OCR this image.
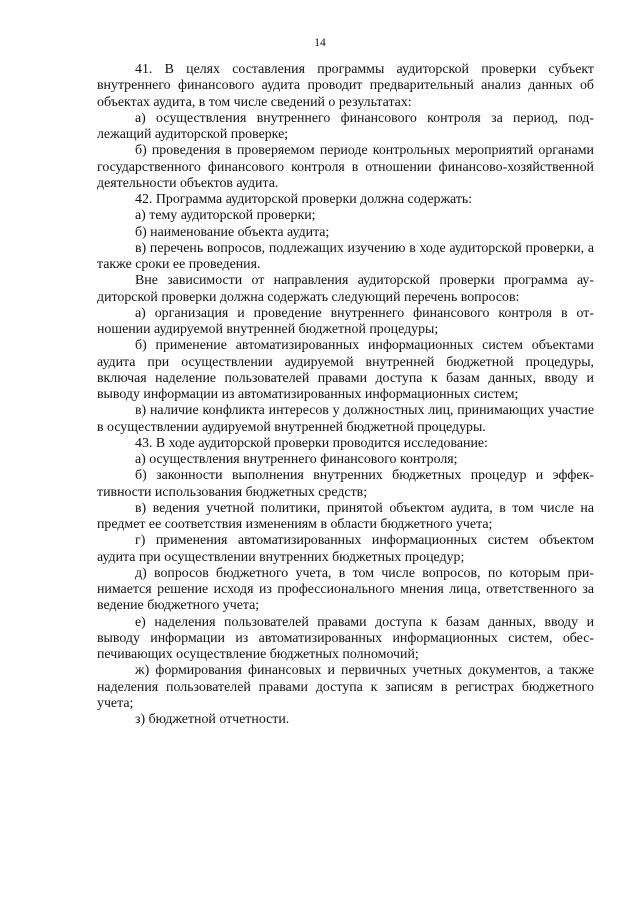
14

41. В целях составления программы аудиторской проверки субъект внутреннего финансового аудита проводит предварительный анализ данных об объектах аудита, в том числе сведений о результатах:

а) осуществления внутреннего финансового контроля за период, подлежащий аудиторской проверке;

б) проведения в проверяемом периоде контрольных мероприятий органами государственного финансового контроля в отношении финансово-хозяйственной деятельности объектов аудита.

42. Программа аудиторской проверки должна содержать:

а) тему аудиторской проверки;

б) наименование объекта аудита;

в) перечень вопросов, подлежащих изучению в ходе аудиторской проверки, а также сроки ее проведения.

Вне зависимости от направления аудиторской проверки программа аудиторской проверки должна содержать следующий перечень вопросов:

а) организация и проведение внутреннего финансового контроля в отношении аудируемой внутренней бюджетной процедуры;

б) применение автоматизированных информационных систем объектами аудита при осуществлении аудируемой внутренней бюджетной процедуры, включая наделение пользователей правами доступа к базам данных, вводу и выводу информации из автоматизированных информационных систем;

в) наличие конфликта интересов у должностных лиц, принимающих участие в осуществлении аудируемой внутренней бюджетной процедуры.

43. В ходе аудиторской проверки проводится исследование:

а) осуществления внутреннего финансового контроля;

б) законности выполнения внутренних бюджетных процедур и эффективности использования бюджетных средств;

в) ведения учетной политики, принятой объектом аудита, в том числе на предмет ее соответствия изменениям в области бюджетного учета;

г) применения автоматизированных информационных систем объектом аудита при осуществлении внутренних бюджетных процедур;

д) вопросов бюджетного учета, в том числе вопросов, по которым принимается решение исходя из профессионального мнения лица, ответственного за ведение бюджетного учета;

е) наделения пользователей правами доступа к базам данных, вводу и выводу информации из автоматизированных информационных систем, обеспечивающих осуществление бюджетных полномочий;

ж) формирования финансовых и первичных учетных документов, а также наделения пользователей правами доступа к записям в регистрах бюджетного учета;

з) бюджетной отчетности.
